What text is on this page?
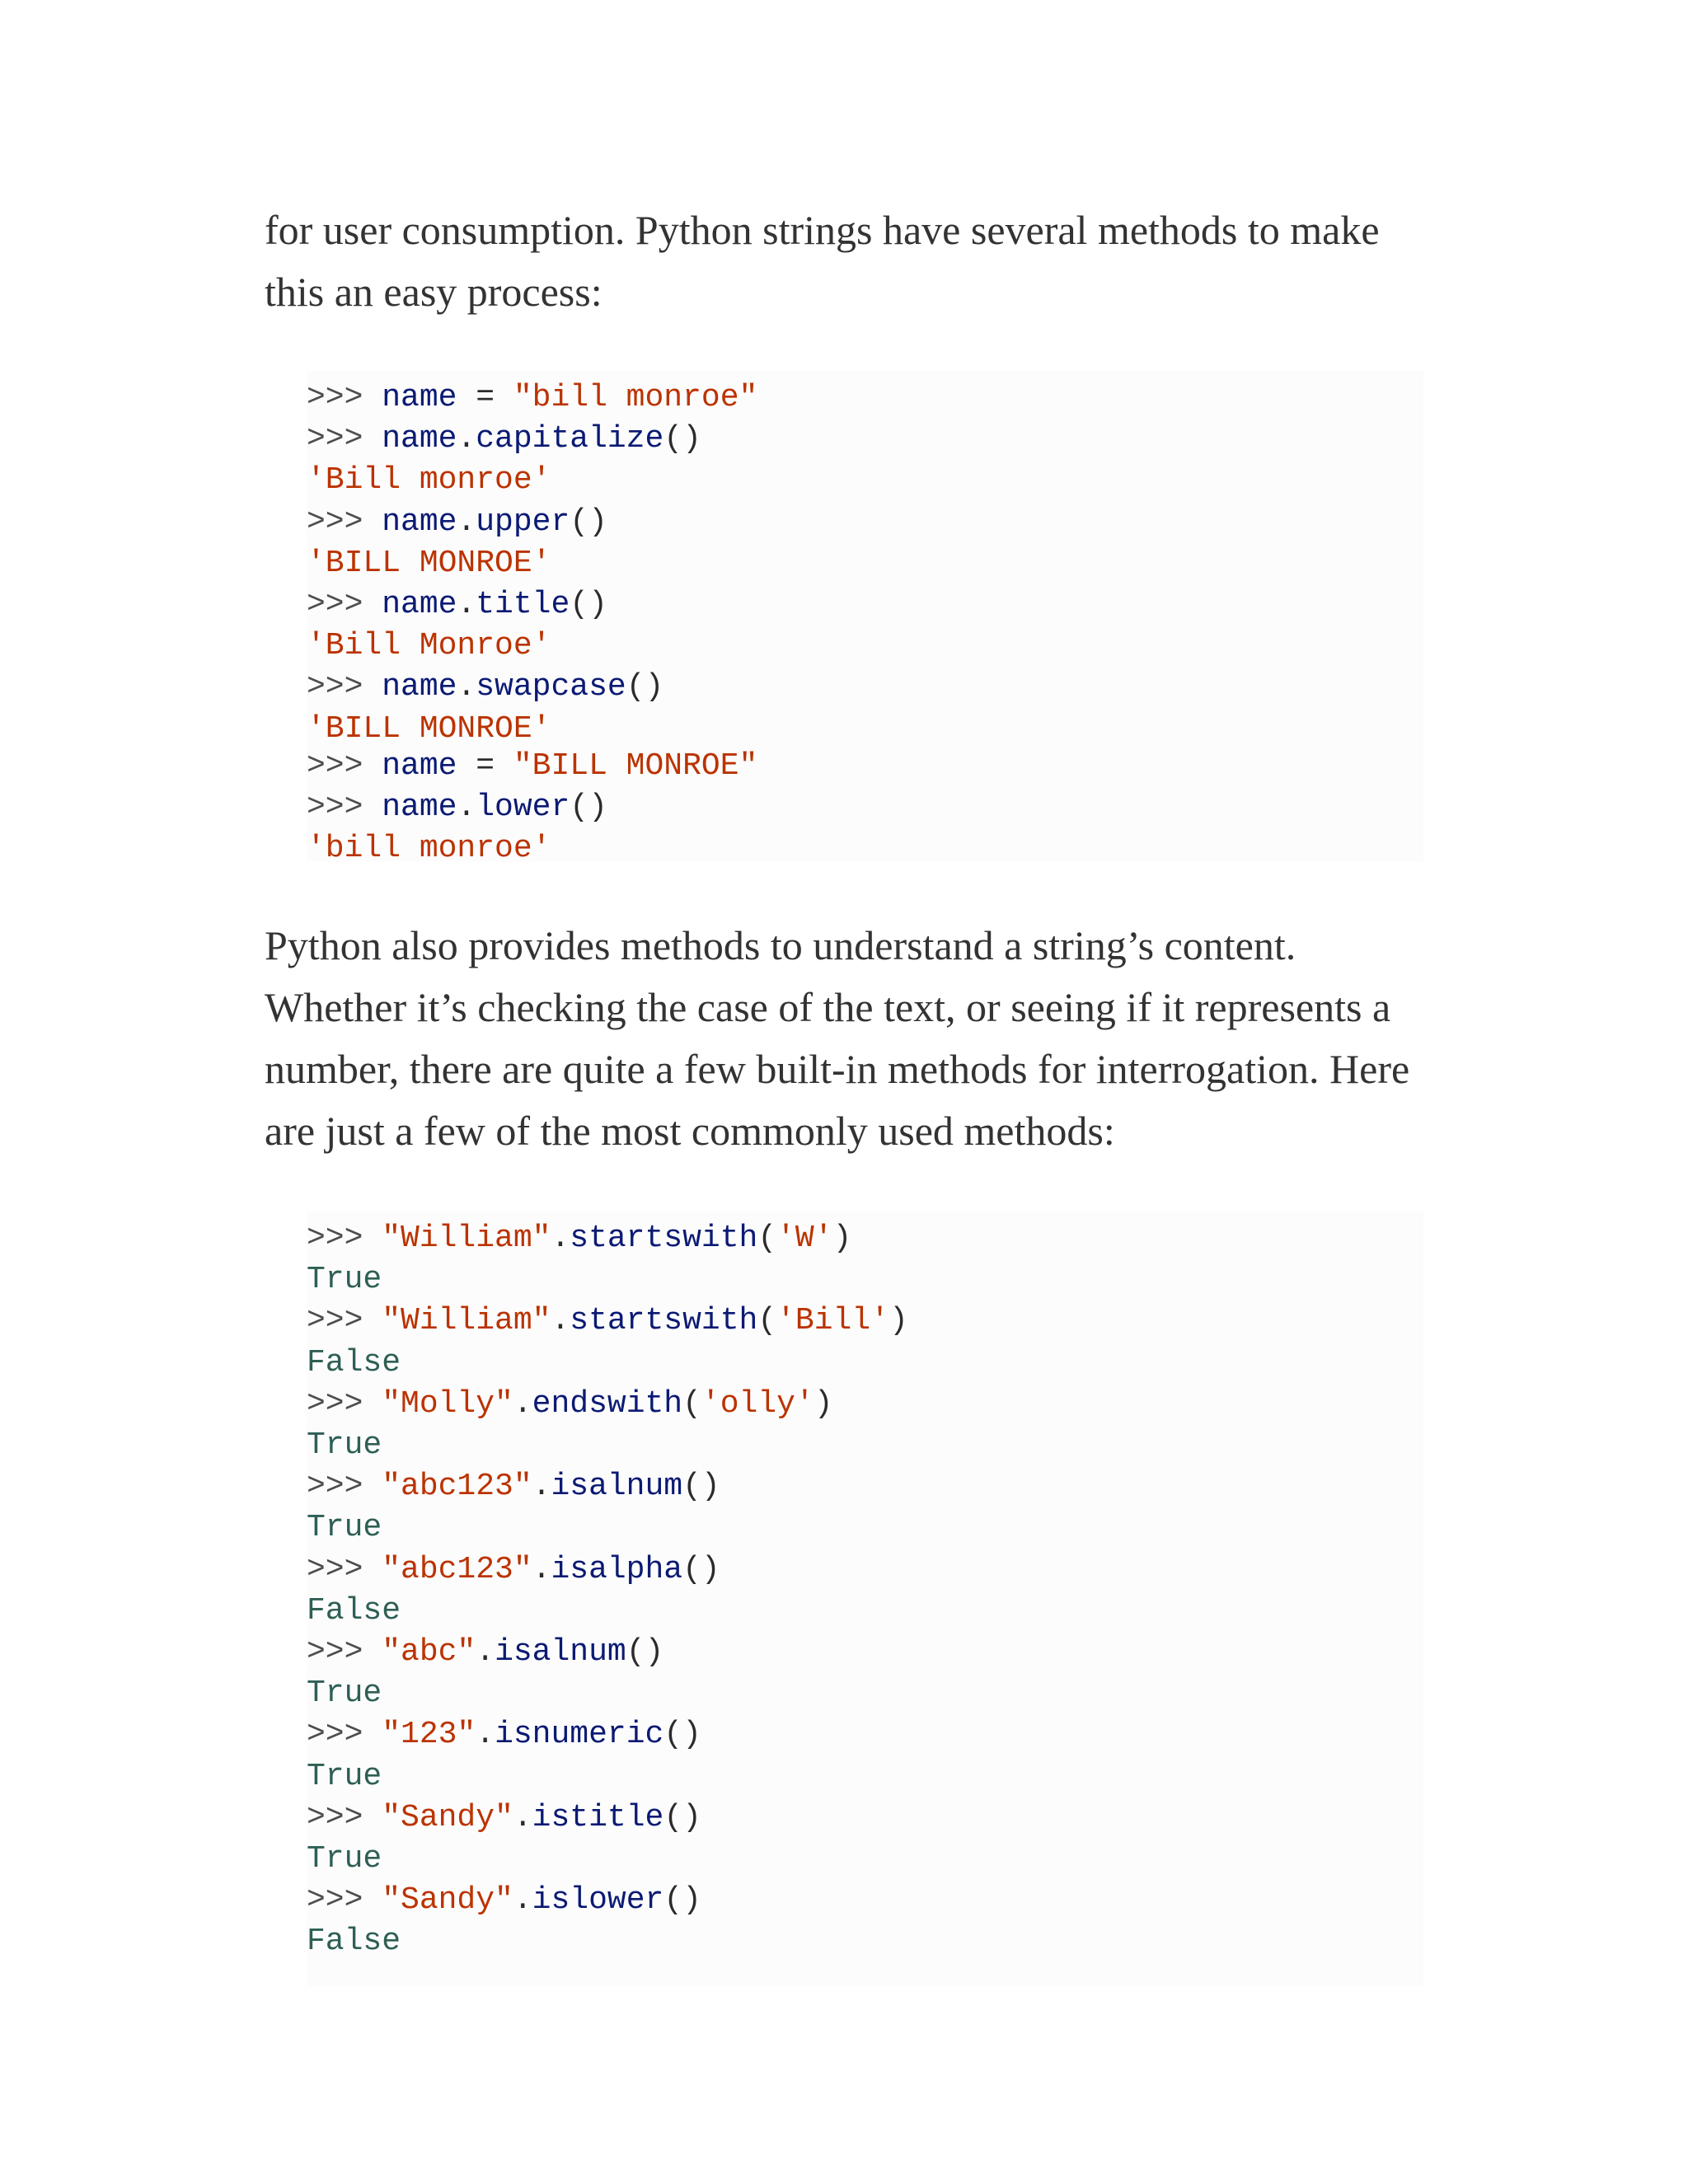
for user consumption. Python strings have several methods to make
this an easy process:
>>> name = "bill monroe"
>>> name.capitalize()
'Bill monroe'
>>> name.upper()
'BILL MONROE'
>>> name.title()
'Bill Monroe'
>>> name.swapcase()
'BILL MONROE'
>>> name = "BILL MONROE"
>>> name.lower()
'bill monroe'
Python also provides methods to understand a string’s content.
Whether it’s checking the case of the text, or seeing if it represents a
number, there are quite a few built-in methods for interrogation. Here
are just a few of the most commonly used methods:
>>> "William".startswith('W')
True
>>> "William".startswith('Bill')
False
>>> "Molly".endswith('olly')
True
>>> "abc123".isalnum()
True
>>> "abc123".isalpha()
False
>>> "abc".isalnum()
True
>>> "123".isnumeric()
True
>>> "Sandy".istitle()
True
>>> "Sandy".islower()
False
